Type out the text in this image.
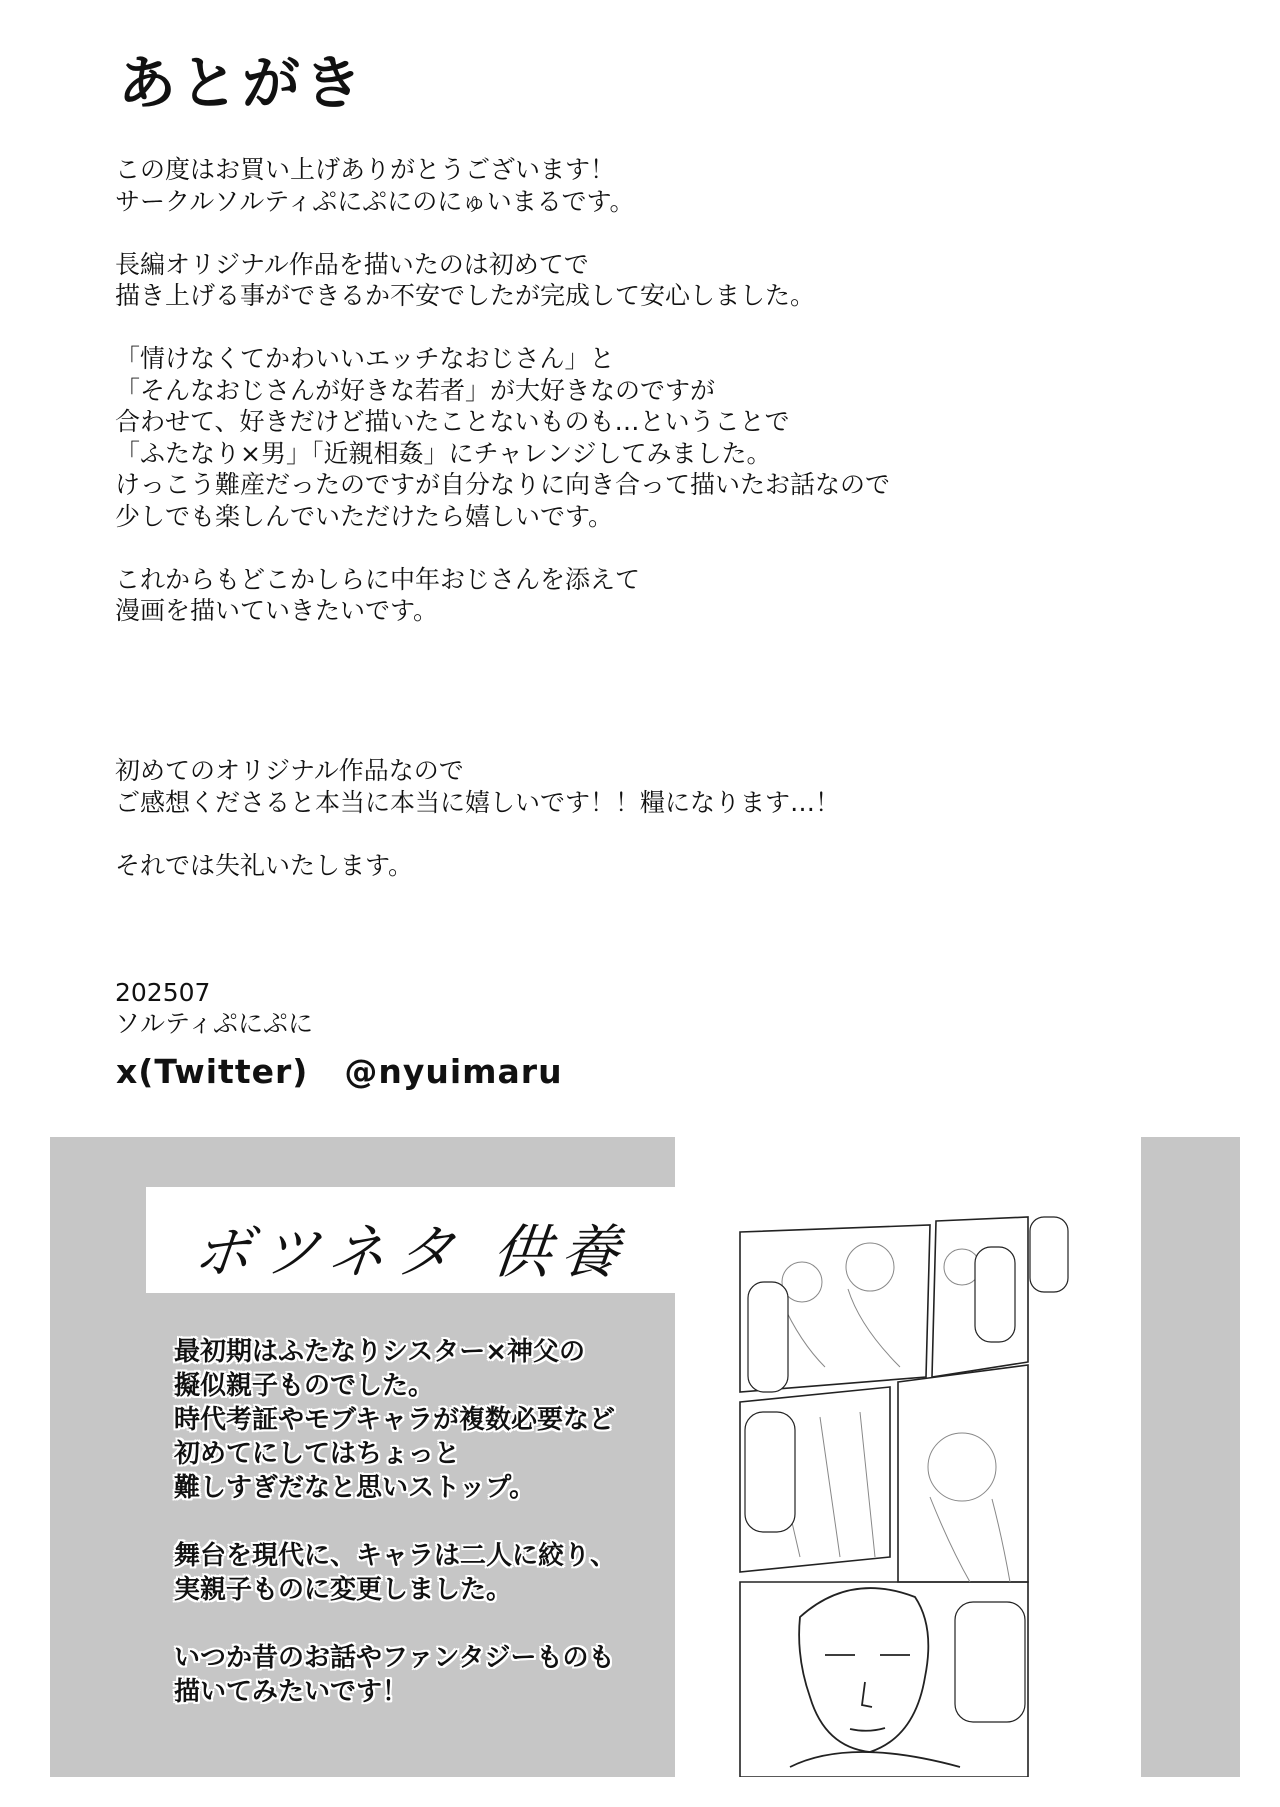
あとがき
この度はお買い上げありがとうございます！
サークルソルティぷにぷにのにゅいまるです。
長編オリジナル作品を描いたのは初めてで
描き上げる事ができるか不安でしたが完成して安心しました。
「情けなくてかわいいエッチなおじさん」と
「そんなおじさんが好きな若者」が大好きなのですが
合わせて、好きだけど描いたことないものも…ということで
「ふたなり×男」「近親相姦」にチャレンジしてみました。
けっこう難産だったのですが自分なりに向き合って描いたお話なので
少しでも楽しんでいただけたら嬉しいです。
これからもどこかしらに中年おじさんを添えて
漫画を描いていきたいです。
初めてのオリジナル作品なので
ご感想くださると本当に本当に嬉しいです！！糧になります…！
それでは失礼いたします。
202507
ソルティぷにぷに
x(Twitter) @nyuimaru
ボツネタ 供養
最初期はふたなりシスター×神父の
擬似親子ものでした。
時代考証やモブキャラが複数必要など
初めてにしてはちょっと
難しすぎだなと思いストップ。
舞台を現代に、キャラは二人に絞り、
実親子ものに変更しました。
いつか昔のお話やファンタジーものも
描いてみたいです！
